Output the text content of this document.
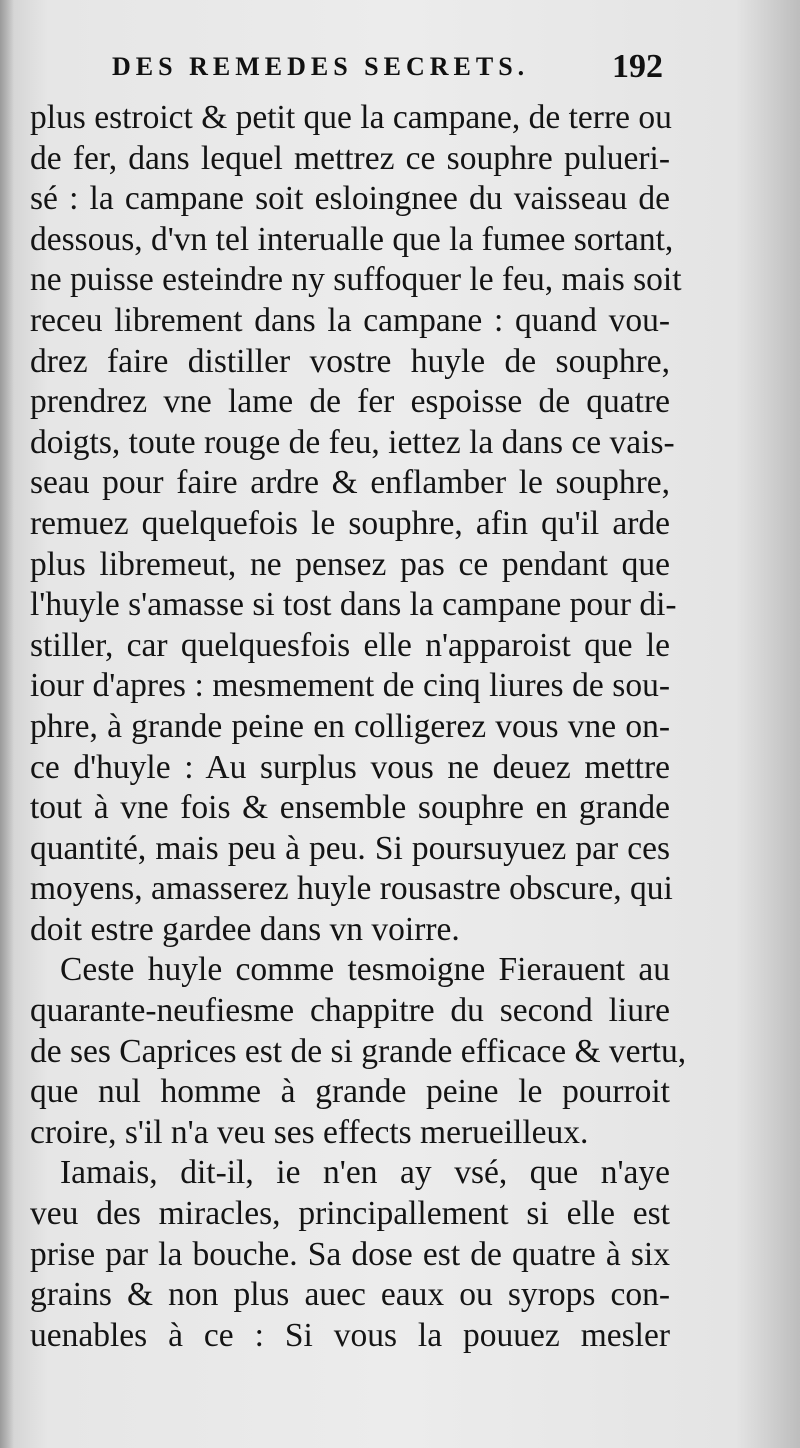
DES REMEDES SECRETS.	192
plus estroict & petit que la campane, de terre ou
de fer, dans lequel mettrez ce souphre pulueri-
sé : la campane soit esloingnee du vaisseau de
dessous, d'vn tel interualle que la fumee sortant,
ne puisse esteindre ny suffoquer le feu, mais soit
receu librement dans la campane : quand vou-
drez faire distiller vostre huyle de souphre,
prendrez vne lame de fer espoisse de quatre
doigts, toute rouge de feu, iettez la dans ce vais-
seau pour faire ardre & enflamber le souphre,
remuez quelquefois le souphre, afin qu'il arde
plus libremeut, ne pensez pas ce pendant que
l'huyle s'amasse si tost dans la campane pour di-
stiller, car quelquesfois elle n'apparoist que le
iour d'apres : mesmement de cinq liures de sou-
phre, à grande peine en colligerez vous vne on-
ce d'huyle : Au surplus vous ne deuez mettre
tout à vne fois & ensemble souphre en grande
quantité, mais peu à peu. Si poursuyuez par ces
moyens, amasserez huyle rousastre obscure, qui
doit estre gardee dans vn voirre.
Ceste huyle comme tesmoigne Fierauent au
quarante-neufiesme chappitre du second liure
de ses Caprices est de si grande efficace & vertu,
que nul homme à grande peine le pourroit
croire, s'il n'a veu ses effects merueilleux.
Iamais, dit-il, ie n'en ay vsé, que n'aye
veu des miracles, principallement si elle est
prise par la bouche. Sa dose est de quatre à six
grains & non plus auec eaux ou syrops con-
uenables à ce : Si vous la pouuez mesler
